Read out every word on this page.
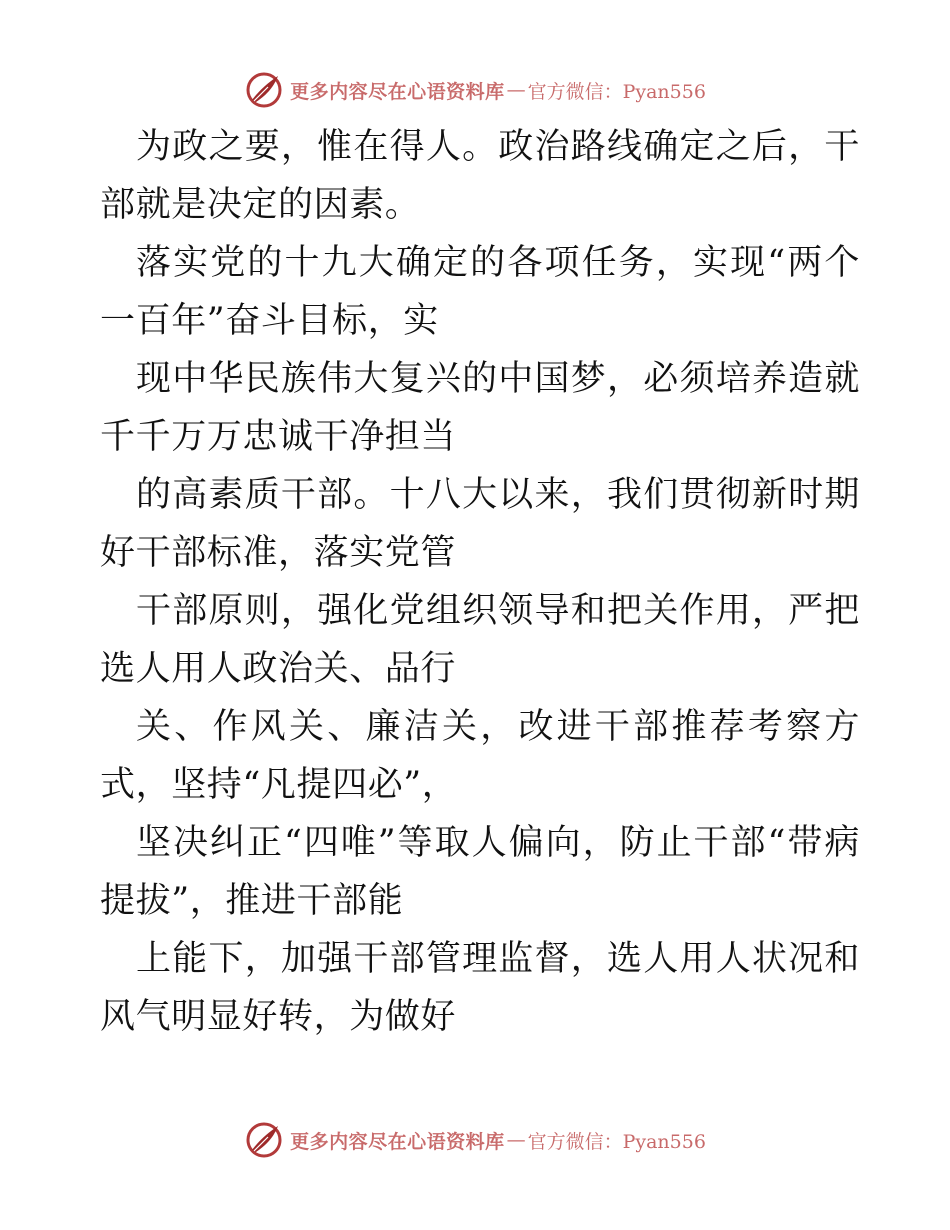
更多内容尽在心语资料库 — 官方微信：Pyan556

为政之要，惟在得人。政治路线确定之后，干部就是决定的因素。

落实党的十九大确定的各项任务，实现“两个一百年”奋斗目标，实

现中华民族伟大复兴的中国梦，必须培养造就千千万万忠诚干净担当

的高素质干部。十八大以来，我们贯彻新时期好干部标准，落实党管

干部原则，强化党组织领导和把关作用，严把选人用人政治关、品行

关、作风关、廉洁关，改进干部推荐考察方式，坚持“凡提四必”，

坚决纠正“四唯”等取人偏向，防止干部“带病提拔”，推进干部能

上能下，加强干部管理监督，选人用人状况和风气明显好转，为做好

更多内容尽在心语资料库 — 官方微信：Pyan556
